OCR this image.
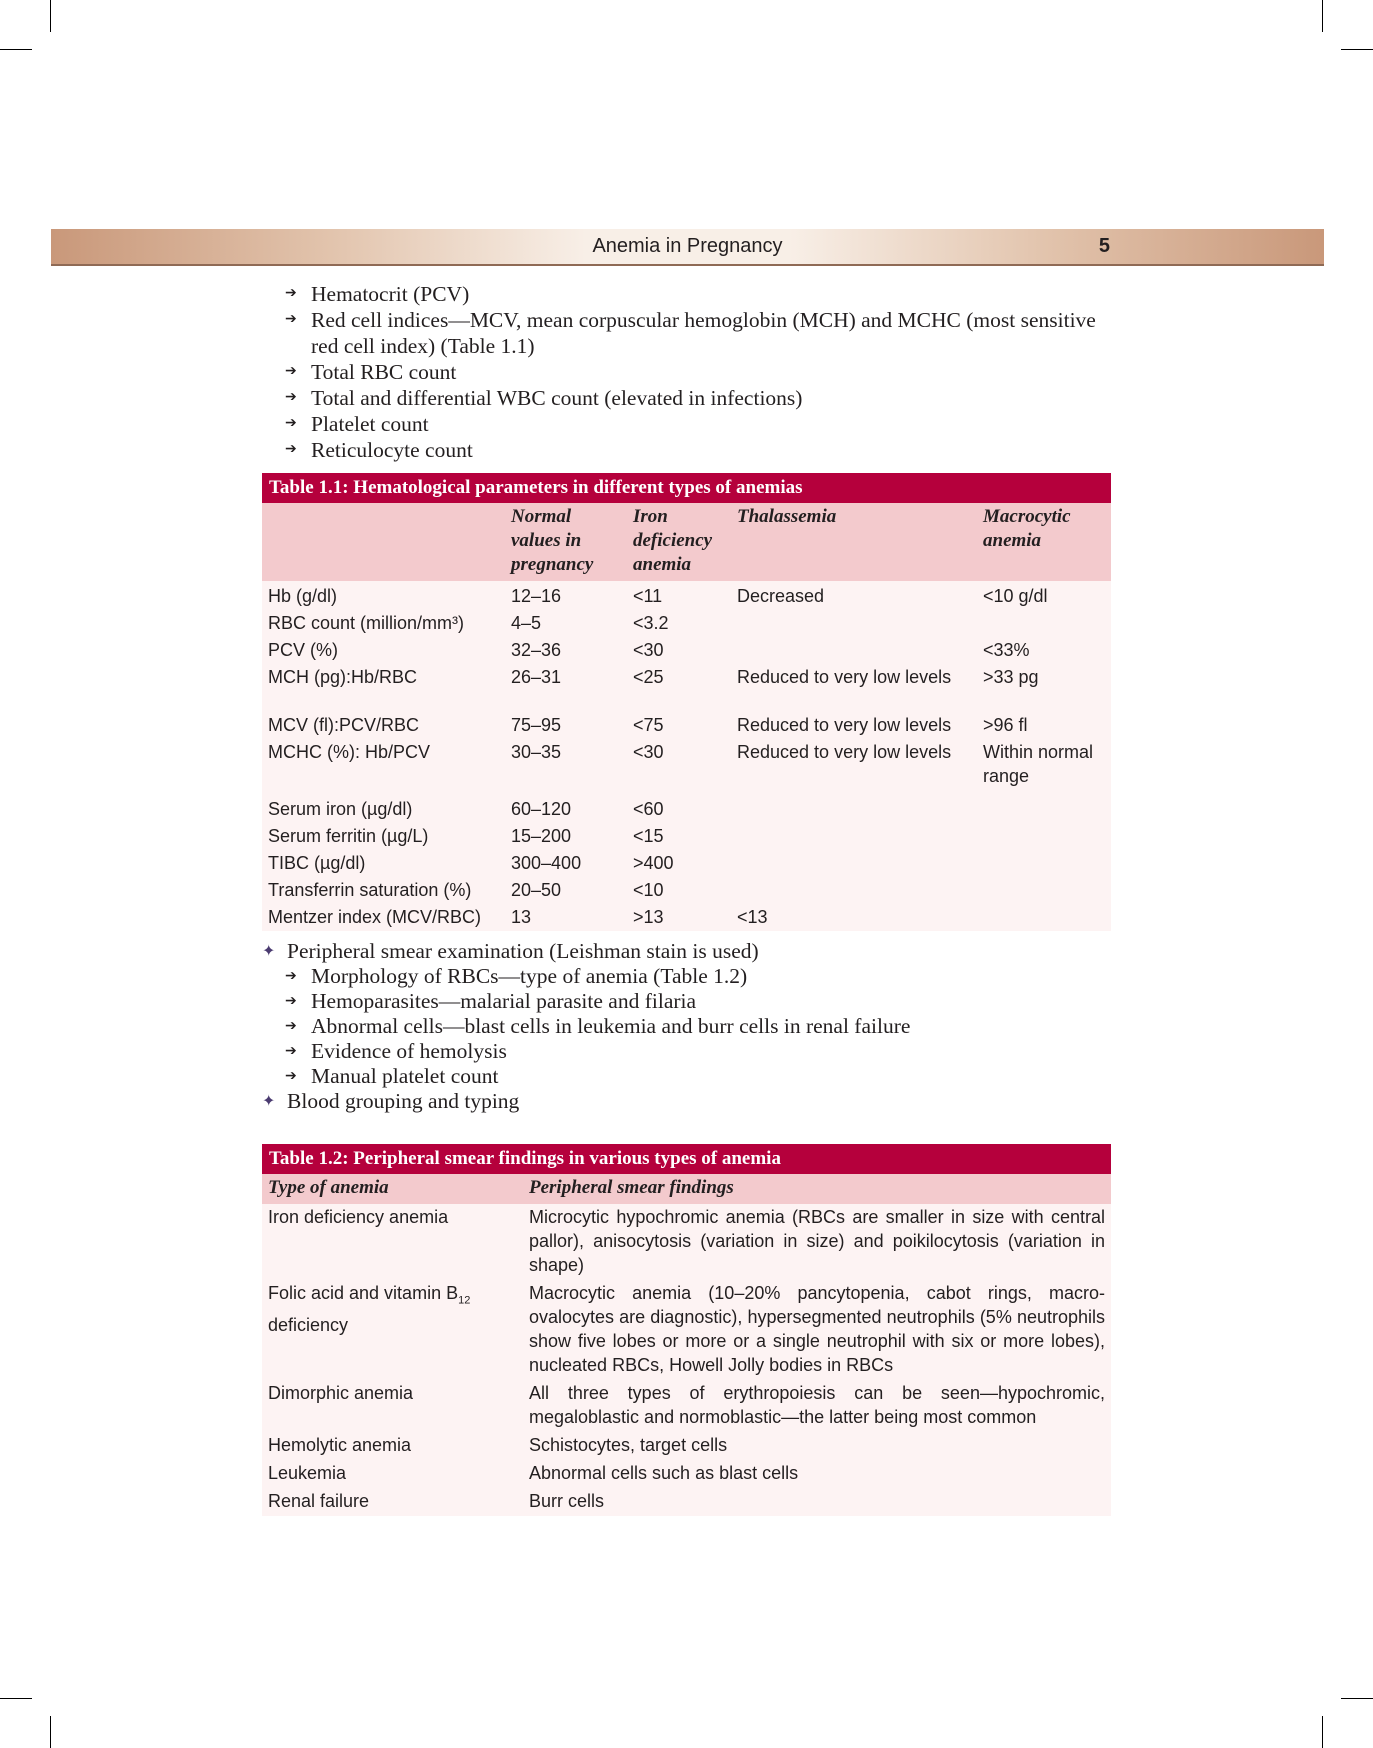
Anemia in Pregnancy	5
➔ Hematocrit (PCV)
➔ Red cell indices—MCV, mean corpuscular hemoglobin (MCH) and MCHC (most sensitive red cell index) (Table 1.1)
➔ Total RBC count
➔ Total and differential WBC count (elevated in infections)
➔ Platelet count
➔ Reticulocyte count
Table 1.1: Hematological parameters in different types of anemias
	Normal values in pregnancy	Iron deficiency anemia	Thalassemia	Macrocytic anemia
Hb (g/dl)	12–16	<11	Decreased	<10 g/dl
RBC count (million/mm³)	4–5	<3.2		
PCV (%)	32–36	<30		<33%
MCH (pg):Hb/RBC	26–31	<25	Reduced to very low levels	>33 pg
MCV (fl):PCV/RBC	75–95	<75	Reduced to very low levels	>96 fl
MCHC (%): Hb/PCV	30–35	<30	Reduced to very low levels	Within normal range
Serum iron (µg/dl)	60–120	<60		
Serum ferritin (µg/L)	15–200	<15		
TIBC (µg/dl)	300–400	>400		
Transferrin saturation (%)	20–50	<10		
Mentzer index (MCV/RBC)	13	>13	<13	
✦ Peripheral smear examination (Leishman stain is used)
➔ Morphology of RBCs—type of anemia (Table 1.2)
➔ Hemoparasites—malarial parasite and filaria
➔ Abnormal cells—blast cells in leukemia and burr cells in renal failure
➔ Evidence of hemolysis
➔ Manual platelet count
✦ Blood grouping and typing
Table 1.2: Peripheral smear findings in various types of anemia
Type of anemia	Peripheral smear findings
Iron deficiency anemia	Microcytic hypochromic anemia (RBCs are smaller in size with central pallor), anisocytosis (variation in size) and poikilocytosis (variation in shape)
Folic acid and vitamin $B_{12}$ deficiency	Macrocytic anemia (10–20% pancytopenia, cabot rings, macro-ovalocytes are diagnostic), hypersegmented neutrophils (5% neutrophils show five lobes or more or a single neutrophil with six or more lobes), nucleated RBCs, Howell Jolly bodies in RBCs
Dimorphic anemia	All three types of erythropoiesis can be seen—hypochromic, megaloblastic and normoblastic—the latter being most common
Hemolytic anemia	Schistocytes, target cells
Leukemia	Abnormal cells such as blast cells
Renal failure	Burr cells
